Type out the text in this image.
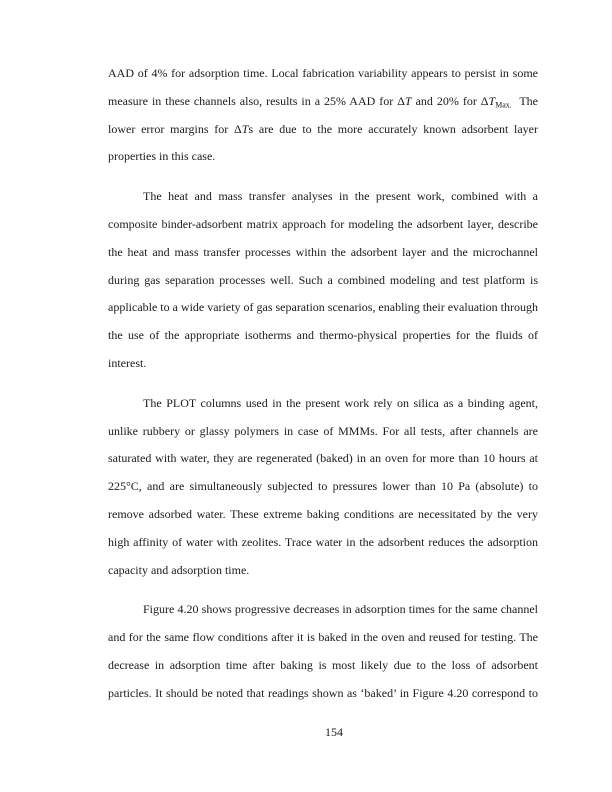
AAD of 4% for adsorption time. Local fabrication variability appears to persist in some
measure in these channels also, results in a 25% AAD for ΔT and 20% for $\Delta T_{Max.}$  The
lower error margins for ΔTs are due to the more accurately known adsorbent layer
properties in this case.
The heat and mass transfer analyses in the present work, combined with a
composite binder-adsorbent matrix approach for modeling the adsorbent layer, describe
the heat and mass transfer processes within the adsorbent layer and the microchannel
during gas separation processes well. Such a combined modeling and test platform is
applicable to a wide variety of gas separation scenarios, enabling their evaluation through
the use of the appropriate isotherms and thermo-physical properties for the fluids of
interest.
The PLOT columns used in the present work rely on silica as a binding agent,
unlike rubbery or glassy polymers in case of MMMs. For all tests, after channels are
saturated with water, they are regenerated (baked) in an oven for more than 10 hours at
225°C, and are simultaneously subjected to pressures lower than 10 Pa (absolute) to
remove adsorbed water. These extreme baking conditions are necessitated by the very
high affinity of water with zeolites. Trace water in the adsorbent reduces the adsorption
capacity and adsorption time.
Figure 4.20 shows progressive decreases in adsorption times for the same channel
and for the same flow conditions after it is baked in the oven and reused for testing. The
decrease in adsorption time after baking is most likely due to the loss of adsorbent
particles. It should be noted that readings shown as ‘baked’ in Figure 4.20 correspond to
154
